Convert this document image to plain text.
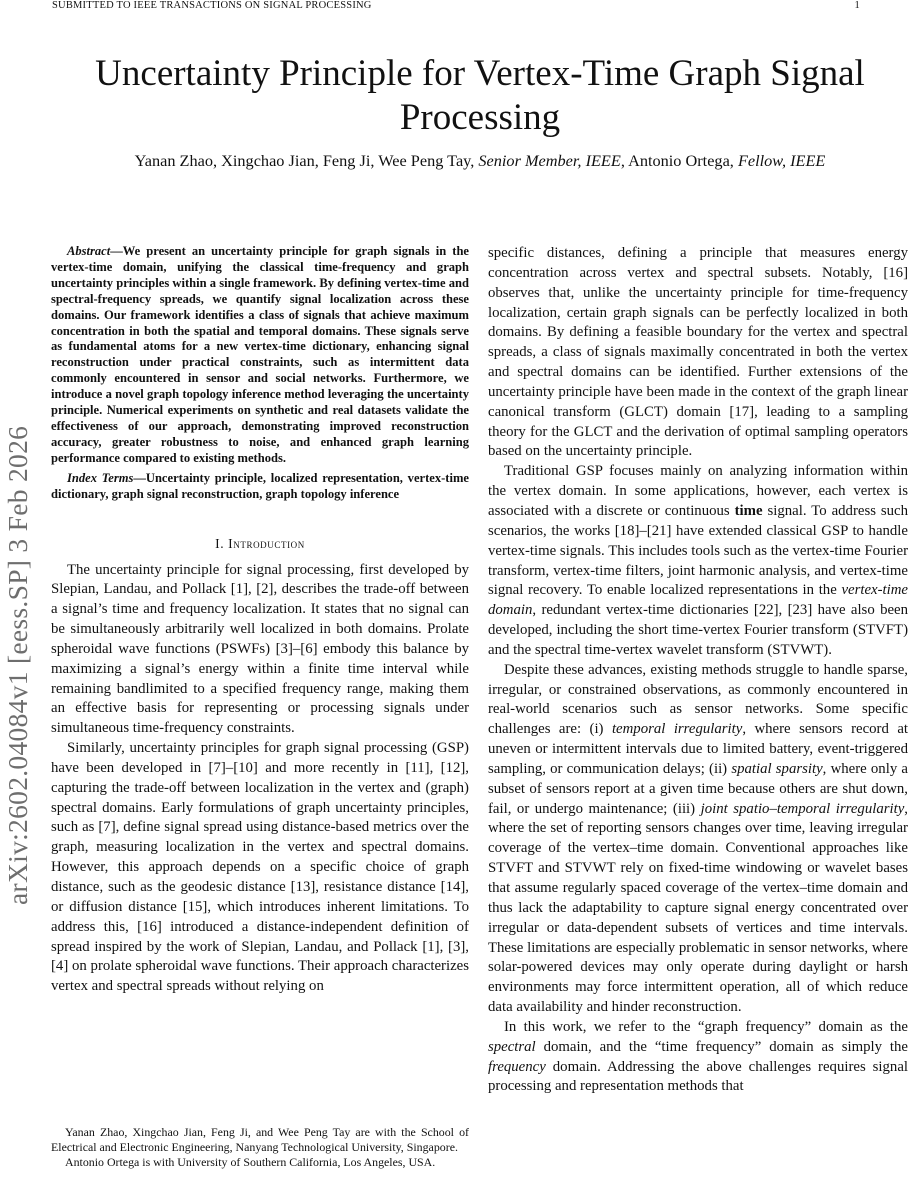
SUBMITTED TO IEEE TRANSACTIONS ON SIGNAL PROCESSING	1
arXiv:2602.04084v1 [eess.SP] 3 Feb 2026
Uncertainty Principle for Vertex-Time Graph Signal Processing
Yanan Zhao, Xingchao Jian, Feng Ji, Wee Peng Tay, Senior Member, IEEE, Antonio Ortega, Fellow, IEEE

Abstract—We present an uncertainty principle for graph signals in the vertex-time domain, unifying the classical time-frequency and graph uncertainty principles within a single framework. By defining vertex-time and spectral-frequency spreads, we quantify signal localization across these domains. Our framework identifies a class of signals that achieve maximum concentration in both the spatial and temporal domains. These signals serve as fundamental atoms for a new vertex-time dictionary, enhancing signal reconstruction under practical constraints, such as intermittent data commonly encountered in sensor and social networks. Furthermore, we introduce a novel graph topology inference method leveraging the uncertainty principle. Numerical experiments on synthetic and real datasets validate the effectiveness of our approach, demonstrating improved reconstruction accuracy, greater robustness to noise, and enhanced graph learning performance compared to existing methods.

Index Terms—Uncertainty principle, localized representation, vertex-time dictionary, graph signal reconstruction, graph topology inference

I. Introduction

The uncertainty principle for signal processing, first developed by Slepian, Landau, and Pollack [1], [2], describes the trade-off between a signal’s time and frequency localization. It states that no signal can be simultaneously arbitrarily well localized in both domains. Prolate spheroidal wave functions (PSWFs) [3]–[6] embody this balance by maximizing a signal’s energy within a finite time interval while remaining bandlimited to a specified frequency range, making them an effective basis for representing or processing signals under simultaneous time-frequency constraints.

Similarly, uncertainty principles for graph signal processing (GSP) have been developed in [7]–[10] and more recently in [11], [12], capturing the trade-off between localization in the vertex and (graph) spectral domains. Early formulations of graph uncertainty principles, such as [7], define signal spread using distance-based metrics over the graph, measuring localization in the vertex and spectral domains. However, this approach depends on a specific choice of graph distance, such as the geodesic distance [13], resistance distance [14], or diffusion distance [15], which introduces inherent limitations. To address this, [16] introduced a distance-independent definition of spread inspired by the work of Slepian, Landau, and Pollack [1], [3], [4] on prolate spheroidal wave functions. Their approach characterizes vertex and spectral spreads without relying on

Yanan Zhao, Xingchao Jian, Feng Ji, and Wee Peng Tay are with the School of Electrical and Electronic Engineering, Nanyang Technological University, Singapore.

Antonio Ortega is with University of Southern California, Los Angeles, USA.

specific distances, defining a principle that measures energy concentration across vertex and spectral subsets. Notably, [16] observes that, unlike the uncertainty principle for time-frequency localization, certain graph signals can be perfectly localized in both domains. By defining a feasible boundary for the vertex and spectral spreads, a class of signals maximally concentrated in both the vertex and spectral domains can be identified. Further extensions of the uncertainty principle have been made in the context of the graph linear canonical transform (GLCT) domain [17], leading to a sampling theory for the GLCT and the derivation of optimal sampling operators based on the uncertainty principle.

Traditional GSP focuses mainly on analyzing information within the vertex domain. In some applications, however, each vertex is associated with a discrete or continuous time signal. To address such scenarios, the works [18]–[21] have extended classical GSP to handle vertex-time signals. This includes tools such as the vertex-time Fourier transform, vertex-time filters, joint harmonic analysis, and vertex-time signal recovery. To enable localized representations in the vertex-time domain, redundant vertex-time dictionaries [22], [23] have also been developed, including the short time-vertex Fourier transform (STVFT) and the spectral time-vertex wavelet transform (STVWT).

Despite these advances, existing methods struggle to handle sparse, irregular, or constrained observations, as commonly encountered in real-world scenarios such as sensor networks. Some specific challenges are: (i) temporal irregularity, where sensors record at uneven or intermittent intervals due to limited battery, event-triggered sampling, or communication delays; (ii) spatial sparsity, where only a subset of sensors report at a given time because others are shut down, fail, or undergo maintenance; (iii) joint spatio–temporal irregularity, where the set of reporting sensors changes over time, leaving irregular coverage of the vertex–time domain. Conventional approaches like STVFT and STVWT rely on fixed-time windowing or wavelet bases that assume regularly spaced coverage of the vertex–time domain and thus lack the adaptability to capture signal energy concentrated over irregular or data-dependent subsets of vertices and time intervals. These limitations are especially problematic in sensor networks, where solar-powered devices may only operate during daylight or harsh environments may force intermittent operation, all of which reduce data availability and hinder reconstruction.

In this work, we refer to the “graph frequency” domain as the spectral domain, and the “time frequency” domain as simply the frequency domain. Addressing the above challenges requires signal processing and representation methods that
